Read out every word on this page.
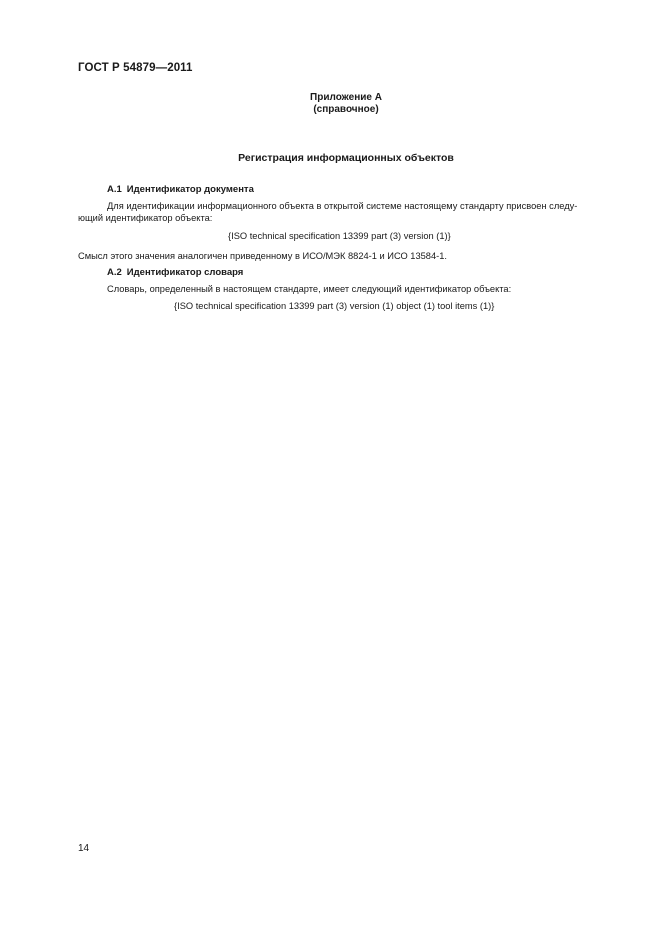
ГОСТ Р 54879—2011
Приложение А
(справочное)
Регистрация информационных объектов
А.1 Идентификатор документа
Для идентификации информационного объекта в открытой системе настоящему стандарту присвоен следу-
ющий идентификатор объекта:
{ISO technical specification 13399 part (3) version (1)}
Смысл этого значения аналогичен приведенному в ИСО/МЭК 8824-1 и ИСО 13584-1.
А.2 Идентификатор словаря
Словарь, определенный в настоящем стандарте, имеет следующий идентификатор объекта:
{ISO technical specification 13399 part (3) version (1) object (1) tool items (1)}
14
